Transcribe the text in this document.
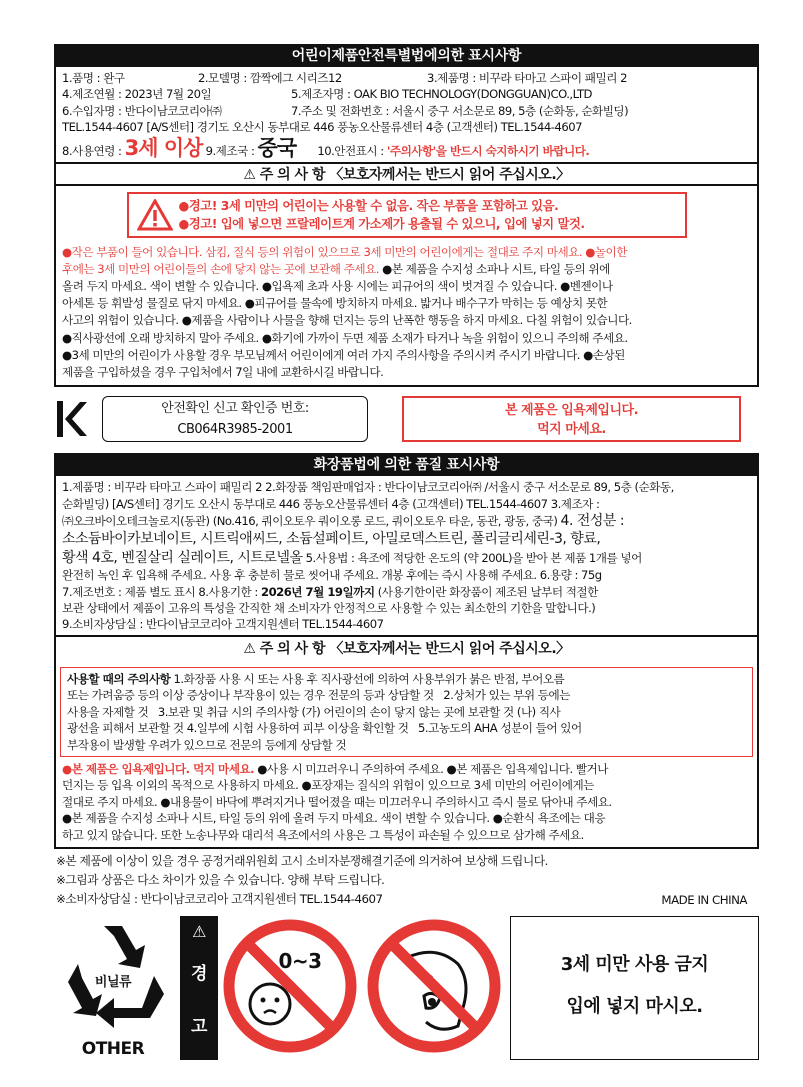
어린이제품안전특별법에의한 표시사항
1.품명 : 완구	2.모델명 : 깜짝에그 시리즈12	3.제품명 : 비꾸라 타마고 스파이 패밀리 2
4.제조연월 : 2023년 7월 20일	5.제조자명 : OAK BIO TECHNOLOGY(DONGGUAN)CO.,LTD
6.수입자명 : 반다이남코코리아㈜	7.주소 및 전화번호 : 서울시 중구 서소문로 89, 5층 (순화동, 순화빌딩)
TEL.1544-4607 [A/S센터] 경기도 오산시 동부대로 446 풍농오산물류센터 4층 (고객센터) TEL.1544-4607
8.사용연령 : 3세 이상 9.제조국 : 중국 10.안전표시 : '주의사항'을 반드시 숙지하시기 바랍니다.
⚠ 주 의 사 항 〈보호자께서는 반드시 읽어 주십시오.〉
●경고! 3세 미만의 어린이는 사용할 수 없음. 작은 부품을 포함하고 있음.
●경고! 입에 넣으면 프랄레이트계 가소제가 용출될 수 있으니, 입에 넣지 말것.
●작은 부품이 들어 있습니다. 삼킴, 질식 등의 위험이 있으므로 3세 미만의 어린이에게는 절대로 주지 마세요. ●놀이한
후에는 3세 미만의 어린이들의 손에 닿지 않는 곳에 보관해 주세요. ●본 제품을 수지성 소파나 시트, 타일 등의 위에
올려 두지 마세요. 색이 변할 수 있습니다. ●입욕제 초과 사용 시에는 피규어의 색이 벗겨질 수 있습니다. ●벤젠이나
아세톤 등 휘발성 물질로 닦지 마세요. ●피규어를 물속에 방치하지 마세요. 밟거나 배수구가 막히는 등 예상치 못한
사고의 위험이 있습니다. ●제품을 사람이나 사물을 향해 던지는 등의 난폭한 행동을 하지 마세요. 다칠 위험이 있습니다.
●직사광선에 오래 방치하지 말아 주세요. ●화기에 가까이 두면 제품 소재가 타거나 녹을 위험이 있으니 주의해 주세요.
●3세 미만의 어린이가 사용할 경우 부모님께서 어린이에게 여러 가지 주의사항을 주의시켜 주시기 바랍니다. ●손상된
제품을 구입하셨을 경우 구입처에서 7일 내에 교환하시길 바랍니다.
안전확인 신고 확인증 번호:
CB064R3985-2001
본 제품은 입욕제입니다.
먹지 마세요.
화장품법에 의한 품질 표시사항
1.제품명 : 비꾸라 타마고 스파이 패밀리 2 2.화장품 책임판매업자 : 반다이남코코리아㈜ /서울시 중구 서소문로 89, 5층 (순화동,
순화빌딩) [A/S센터] 경기도 오산시 동부대로 446 풍농오산물류센터 4층 (고객센터) TEL.1544-4607 3.제조자 :
㈜오크바이오테크놀로지(동관) (No.416, 쿼이오토우 쿼이오롱 로드, 쿼이오토우 타운, 동관, 광동, 중국) 4. 전성분 :
소소듐바이카보네이트, 시트릭애씨드, 소듐설페이트, 아밀로덱스트린, 폴리글리세린-3, 향료,
황색 4호, 벤질살리 실레이트, 시트로넬올 5.사용법 : 욕조에 적당한 온도의 (약 200L)을 받아 본 제품 1개를 넣어
완전히 녹인 후 입욕해 주세요. 사용 후 충분히 물로 씻어내 주세요. 개봉 후에는 즉시 사용해 주세요. 6.용량 : 75g
7.제조번호 : 제품 별도 표시 8.사용기한 : 2026년 7월 19일까지 (사용기한이란 화장품이 제조된 날부터 적절한
보관 상태에서 제품이 고유의 특성을 간직한 채 소비자가 안정적으로 사용할 수 있는 최소한의 기한을 말합니다.)
9.소비자상담실 : 반다이남코코리아 고객지원센터 TEL.1544-4607
⚠ 주 의 사 항 〈보호자께서는 반드시 읽어 주십시오.〉
사용할 때의 주의사항 1.화장품 사용 시 또는 사용 후 직사광선에 의하여 사용부위가 붉은 반점, 부어오름
또는 가려움증 등의 이상 증상이나 부작용이 있는 경우 전문의 등과 상담할 것   2.상처가 있는 부위 등에는
사용을 자제할 것   3.보관 및 취급 시의 주의사항 (가) 어린이의 손이 닿지 않는 곳에 보관할 것 (나) 직사
광선을 피해서 보관할 것 4.일부에 시험 사용하여 피부 이상을 확인할 것   5.고농도의 AHA 성분이 들어 있어
부작용이 발생할 우려가 있으므로 전문의 등에게 상담할 것
●본 제품은 입욕제입니다. 먹지 마세요. ●사용 시 미끄러우니 주의하여 주세요. ●본 제품은 입욕제입니다. 빨거나
던지는 등 입욕 이외의 목적으로 사용하지 마세요. ●포장재는 질식의 위험이 있으므로 3세 미만의 어린이에게는
절대로 주지 마세요. ●내용물이 바닥에 뿌려지거나 떨어졌을 때는 미끄러우니 주의하시고 즉시 물로 닦아내 주세요.
●본 제품을 수지성 소파나 시트, 타일 등의 위에 올려 두지 마세요. 색이 변할 수 있습니다. ●순환식 욕조에는 대응
하고 있지 않습니다. 또한 노송나무와 대리석 욕조에서의 사용은 그 특성이 파손될 수 있으므로 삼가해 주세요.
※본 제품에 이상이 있을 경우 공정거래위원회 고시 소비자분쟁해결기준에 의거하여 보상해 드립니다.
※그림과 상품은 다소 차이가 있을 수 있습니다. 양해 부탁 드립니다.
※소비자상담실 : 반다이남코코리아 고객지원센터 TEL.1544-4607	MADE IN CHINA
비닐류
OTHER
⚠
경
고
0~3	3세 미만 사용 금지
입에 넣지 마시오.
